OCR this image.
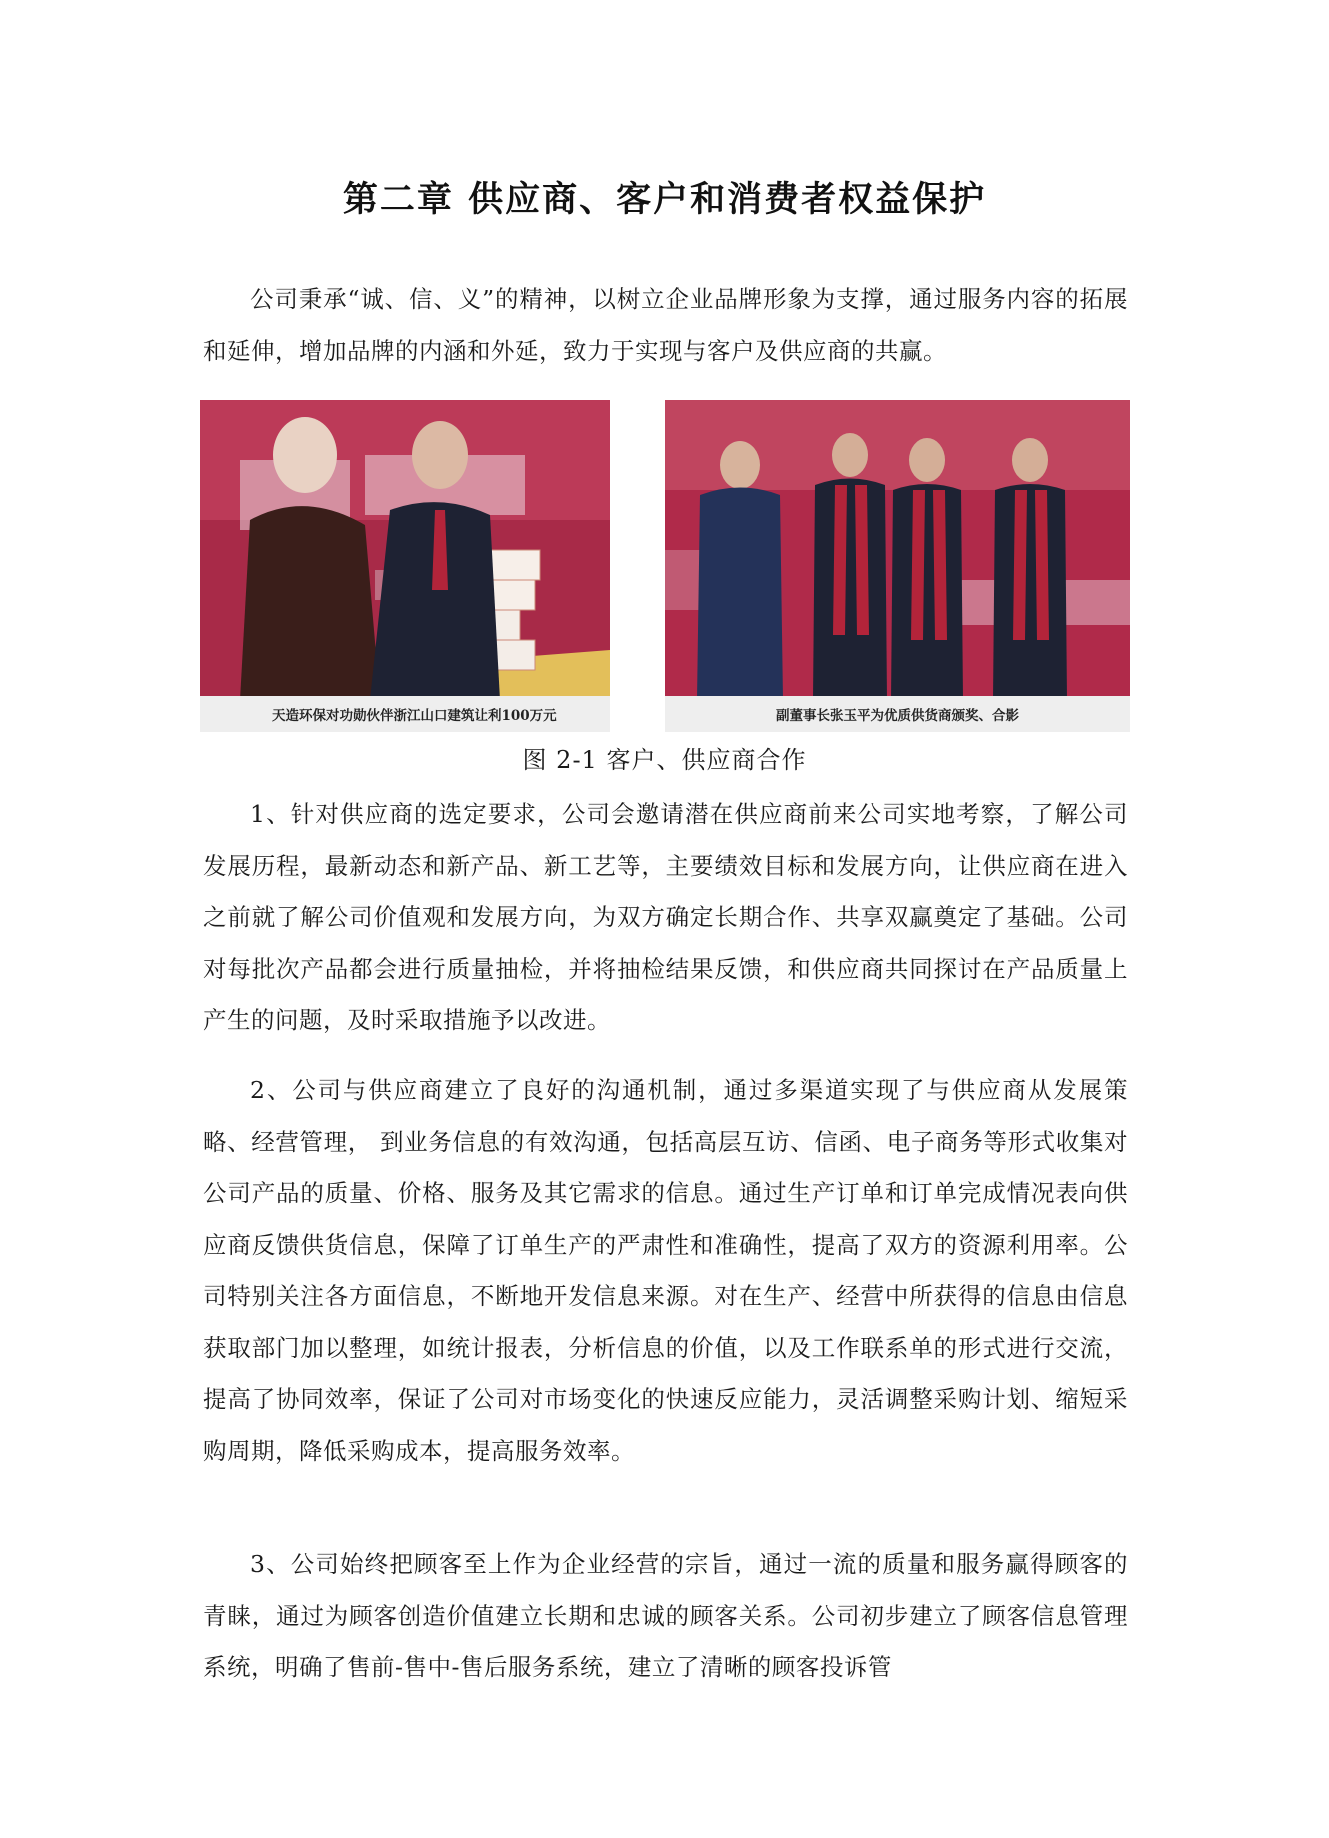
第二章 供应商、客户和消费者权益保护

公司秉承“诚、信、义”的精神，以树立企业品牌形象为支撑，通过服务内容的拓展和延伸，增加品牌的内涵和外延，致力于实现与客户及供应商的共赢。

天造环保对功勋伙伴浙江山口建筑让利100万元	副董事长张玉平为优质供货商颁奖、合影
图 2-1 客户、供应商合作

1、针对供应商的选定要求，公司会邀请潜在供应商前来公司实地考察，了解公司发展历程，最新动态和新产品、新工艺等，主要绩效目标和发展方向，让供应商在进入之前就了解公司价值观和发展方向，为双方确定长期合作、共享双赢奠定了基础。公司对每批次产品都会进行质量抽检，并将抽检结果反馈，和供应商共同探讨在产品质量上产生的问题，及时采取措施予以改进。

2、公司与供应商建立了良好的沟通机制，通过多渠道实现了与供应商从发展策略、经营管理， 到业务信息的有效沟通，包括高层互访、信函、电子商务等形式收集对公司产品的质量、价格、服务及其它需求的信息。通过生产订单和订单完成情况表向供应商反馈供货信息，保障了订单生产的严肃性和准确性，提高了双方的资源利用率。公司特别关注各方面信息，不断地开发信息来源。对在生产、经营中所获得的信息由信息获取部门加以整理，如统计报表，分析信息的价值，以及工作联系单的形式进行交流，提高了协同效率，保证了公司对市场变化的快速反应能力，灵活调整采购计划、缩短采购周期，降低采购成本，提高服务效率。

3、公司始终把顾客至上作为企业经营的宗旨，通过一流的质量和服务赢得顾客的青睐，通过为顾客创造价值建立长期和忠诚的顾客关系。公司初步建立了顾客信息管理系统，明确了售前-售中-售后服务系统，建立了清晰的顾客投诉管
